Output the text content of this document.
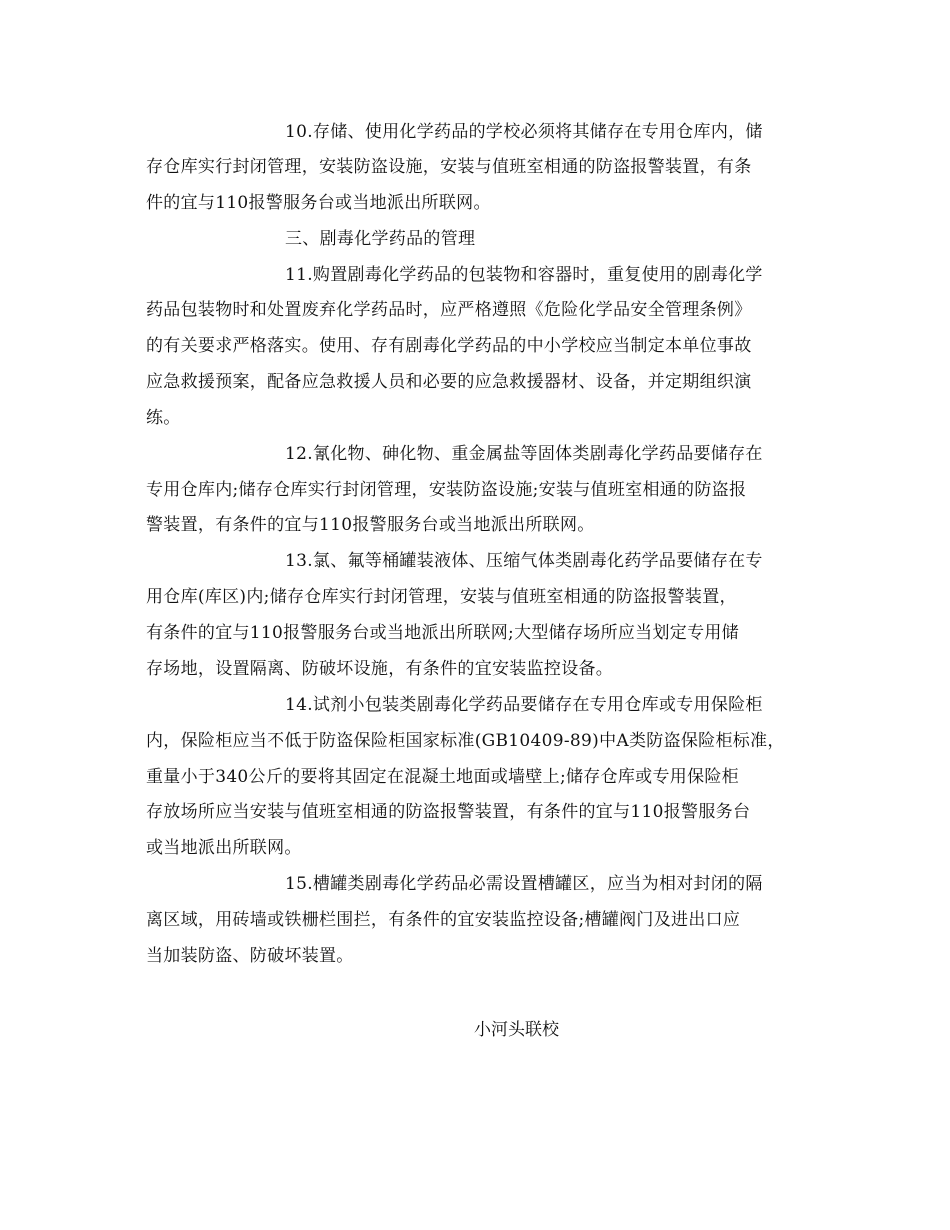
10.存储、使用化学药品的学校必须将其储存在专用仓库内，储
存仓库实行封闭管理，安装防盗设施，安装与值班室相通的防盗报警装置，有条
件的宜与110报警服务台或当地派出所联网。
三、剧毒化学药品的管理
11.购置剧毒化学药品的包装物和容器时，重复使用的剧毒化学
药品包装物时和处置废弃化学药品时，应严格遵照《危险化学品安全管理条例》
的有关要求严格落实。使用、存有剧毒化学药品的中小学校应当制定本单位事故
应急救援预案，配备应急救援人员和必要的应急救援器材、设备，并定期组织演
练。
12.氰化物、砷化物、重金属盐等固体类剧毒化学药品要储存在
专用仓库内;储存仓库实行封闭管理，安装防盗设施;安装与值班室相通的防盗报
警装置，有条件的宜与110报警服务台或当地派出所联网。
13.氯、氟等桶罐装液体、压缩气体类剧毒化药学品要储存在专
用仓库(库区)内;储存仓库实行封闭管理，安装与值班室相通的防盗报警装置，
有条件的宜与110报警服务台或当地派出所联网;大型储存场所应当划定专用储
存场地，设置隔离、防破坏设施，有条件的宜安装监控设备。
14.试剂小包装类剧毒化学药品要储存在专用仓库或专用保险柜
内，保险柜应当不低于防盗保险柜国家标准(GB10409-89)中A类防盗保险柜标准，
重量小于340公斤的要将其固定在混凝土地面或墙壁上;储存仓库或专用保险柜
存放场所应当安装与值班室相通的防盗报警装置，有条件的宜与110报警服务台
或当地派出所联网。
15.槽罐类剧毒化学药品必需设置槽罐区，应当为相对封闭的隔
离区域，用砖墙或铁栅栏围拦，有条件的宜安装监控设备;槽罐阀门及进出口应
当加装防盗、防破坏装置。
小河头联校
